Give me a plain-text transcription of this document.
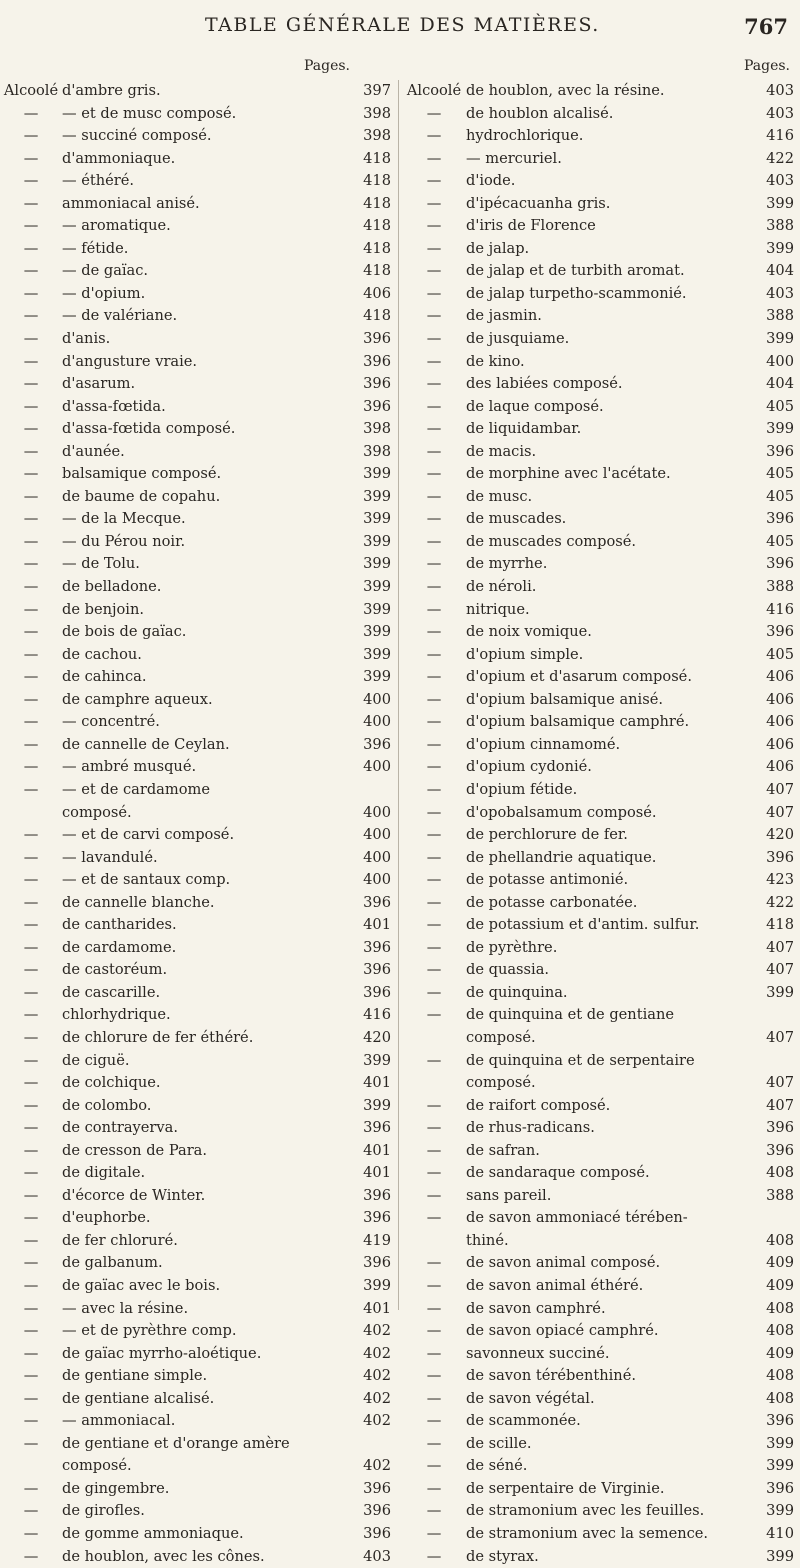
TABLE GÉNÉRALE DES MATIÈRES.	767
Pages.
Alcoolé d'ambre gris.	397
—	— et de musc composé.	398
—	— succiné composé.	398
—	d'ammoniaque.	418
—	— éthéré.	418
—	ammoniacal anisé.	418
—	— aromatique.	418
—	— fétide.	418
—	— de gaïac.	418
—	— d'opium.	406
—	— de valériane.	418
—	d'anis.	396
—	d'angusture vraie.	396
—	d'asarum.	396
—	d'assa-fœtida.	396
—	d'assa-fœtida composé.	398
—	d'aunée.	398
—	balsamique composé.	399
—	de baume de copahu.	399
—	— de la Mecque.	399
—	— du Pérou noir.	399
—	— de Tolu.	399
—	de belladone.	399
—	de benjoin.	399
—	de bois de gaïac.	399
—	de cachou.	399
—	de cahinca.	399
—	de camphre aqueux.	400
—	— concentré.	400
—	de cannelle de Ceylan.	396
—	— ambré musqué.	400
—	— et de cardamome
composé.	400
—	— et de carvi composé.	400
—	— lavandulé.	400
—	— et de santaux comp.	400
—	de cannelle blanche.	396
—	de cantharides.	401
—	de cardamome.	396
—	de castoréum.	396
—	de cascarille.	396
—	chlorhydrique.	416
—	de chlorure de fer éthéré.	420
—	de ciguë.	399
—	de colchique.	401
—	de colombo.	399
—	de contrayerva.	396
—	de cresson de Para.	401
—	de digitale.	401
—	d'écorce de Winter.	396
—	d'euphorbe.	396
—	de fer chloruré.	419
—	de galbanum.	396
—	de gaïac avec le bois.	399
—	— avec la résine.	401
—	— et de pyrèthre comp.	402
—	de gaïac myrrho-aloétique.	402
—	de gentiane simple.	402
—	de gentiane alcalisé.	402
—	— ammoniacal.	402
—	de gentiane et d'orange amère
composé.	402
—	de gingembre.	396
—	de girofles.	396
—	de gomme ammoniaque.	396
—	de houblon, avec les cônes.	403
Pages.
Alcoolé de houblon, avec la résine.	403
—	de houblon alcalisé.	403
—	hydrochlorique.	416
—	— mercuriel.	422
—	d'iode.	403
—	d'ipécacuanha gris.	399
—	d'iris de Florence	388
—	de jalap.	399
—	de jalap et de turbith aromat.	404
—	de jalap turpetho-scammonié.	403
—	de jasmin.	388
—	de jusquiame.	399
—	de kino.	400
—	des labiées composé.	404
—	de laque composé.	405
—	de liquidambar.	399
—	de macis.	396
—	de morphine avec l'acétate.	405
—	de musc.	405
—	de muscades.	396
—	de muscades composé.	405
—	de myrrhe.	396
—	de néroli.	388
—	nitrique.	416
—	de noix vomique.	396
—	d'opium simple.	405
—	d'opium et d'asarum composé.	406
—	d'opium balsamique anisé.	406
—	d'opium balsamique camphré.	406
—	d'opium cinnamomé.	406
—	d'opium cydonié.	406
—	d'opium fétide.	407
—	d'opobalsamum composé.	407
—	de perchlorure de fer.	420
—	de phellandrie aquatique.	396
—	de potasse antimonié.	423
—	de potasse carbonatée.	422
—	de potassium et d'antim. sulfur.	418
—	de pyrèthre.	407
—	de quassia.	407
—	de quinquina.	399
—	de quinquina et de gentiane
composé.	407
—	de quinquina et de serpentaire
composé.	407
—	de raifort composé.	407
—	de rhus-radicans.	396
—	de safran.	396
—	de sandaraque composé.	408
—	sans pareil.	388
—	de savon ammoniacé térében-
thiné.	408
—	de savon animal composé.	409
—	de savon animal éthéré.	409
—	de savon camphré.	408
—	de savon opiacé camphré.	408
—	savonneux succiné.	409
—	de savon térébenthiné.	408
—	de savon végétal.	408
—	de scammonée.	396
—	de scille.	399
—	de séné.	399
—	de serpentaire de Virginie.	396
—	de stramonium avec les feuilles.	399
—	de stramonium avec la semence.	410
—	de styrax.	399
